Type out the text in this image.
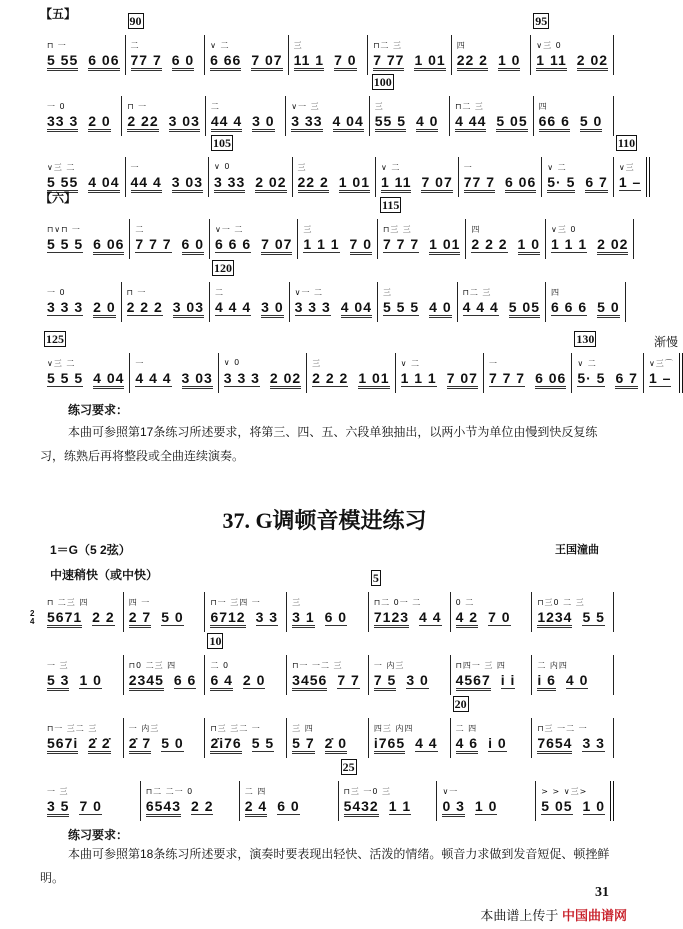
【五】
⊓ 一
5 55 6 06
90
二
77 7 6 0
∨ 二
6 66 7 07
三
11 1 7 0
⊓二 三
7 77 1 01
四
22 2 1 0
95
∨三 0
1 11 2 02
一 0
33 3 2 0
⊓ 一
2 22 3 03
二
44 4 3 0
∨一 三
3 33 4 04
100
三
55 5 4 0
⊓二 三
4 44 5 05
四
66 6 5 0
∨三 二
5 55 4 04
一
44 4 3 03
105
∨ 0
3 33 2 02
三
22 2 1 01
∨ 二
1 11 7 07
一
77 7 6 06
∨ 二
5· 5 6 7
110
∨三
1 –
【六】
⊓∨⊓ 一
5 5 5 6 06
二
7 7 7 6 0
∨一 二
6 6 6 7 07
三
1 1 1 7 0
115
⊓三 三
7 7 7 1 01
四
2 2 2 1 0
∨三 0
1 1 1 2 02
一 0
3 3 3 2 0
⊓ 一
2 2 2 3 03
120
二
4 4 4 3 0
∨一 二
3 3 3 4 04
三
5 5 5 4 0
⊓二 三
4 4 4 5 05
四
6 6 6 5 0
125
∨三 二
5 5 5 4 04
一
4 4 4 3 03
∨ 0
3 3 3 2 02
三
2 2 2 1 01
∨ 二
1 1 1 7 07
一
7 7 7 6 06
130
∨ 二
5· 5 6 7
渐慢
∨三⌒
1 –
练习要求：
本曲可参照第17条练习所述要求，将第三、四、五、六段单独抽出，以两小节为单位由慢到快反复练习，练熟后再将整段或全曲连续演奏。
37. G调顿音模进练习
1＝G（5 2弦）	王国潼曲
中速稍快（或中快）
2
4
⊓ 二三 四
5671 2 2
四 一
2 7 5 0
⊓一 三四 一
6712 3 3
三
3 1 6 0
5
⊓二 0一 二
7123 4 4
0 二
4 2 7 0
⊓三0 二 三
1234 5 5
一 三
5 3 1 0
⊓0 二三 四
2345 6 6
10
二 0
6 4 2 0
⊓一 一二 三
3456 7 7
一 内三
7 5 3 0
⊓四一 三 四
4567 i i
二 内四
i 6 4 0
⊓一 三二 三
567i 2̇ 2̇
一 内三
2̇ 7 5 0
⊓三 三二 一
2̇i76 5 5
三 四
5 7 2̇ 0
四三 内四
i765 4 4
20
二 四
4 6 i 0
⊓三 一二 一
7654 3 3
一 三
3 5 7 0
⊓二 二一 0
6543 2 2
二 四
2 4 6 0
25
⊓三 一0 三
5432 1 1
∨一
0 3 1 0
> > ∨三>
5 05 1 0
练习要求：
本曲可参照第18条练习所述要求，演奏时要表现出轻快、活泼的情绪。顿音力求做到发音短促、顿挫鲜明。
31
本曲谱上传于 中国曲谱网
